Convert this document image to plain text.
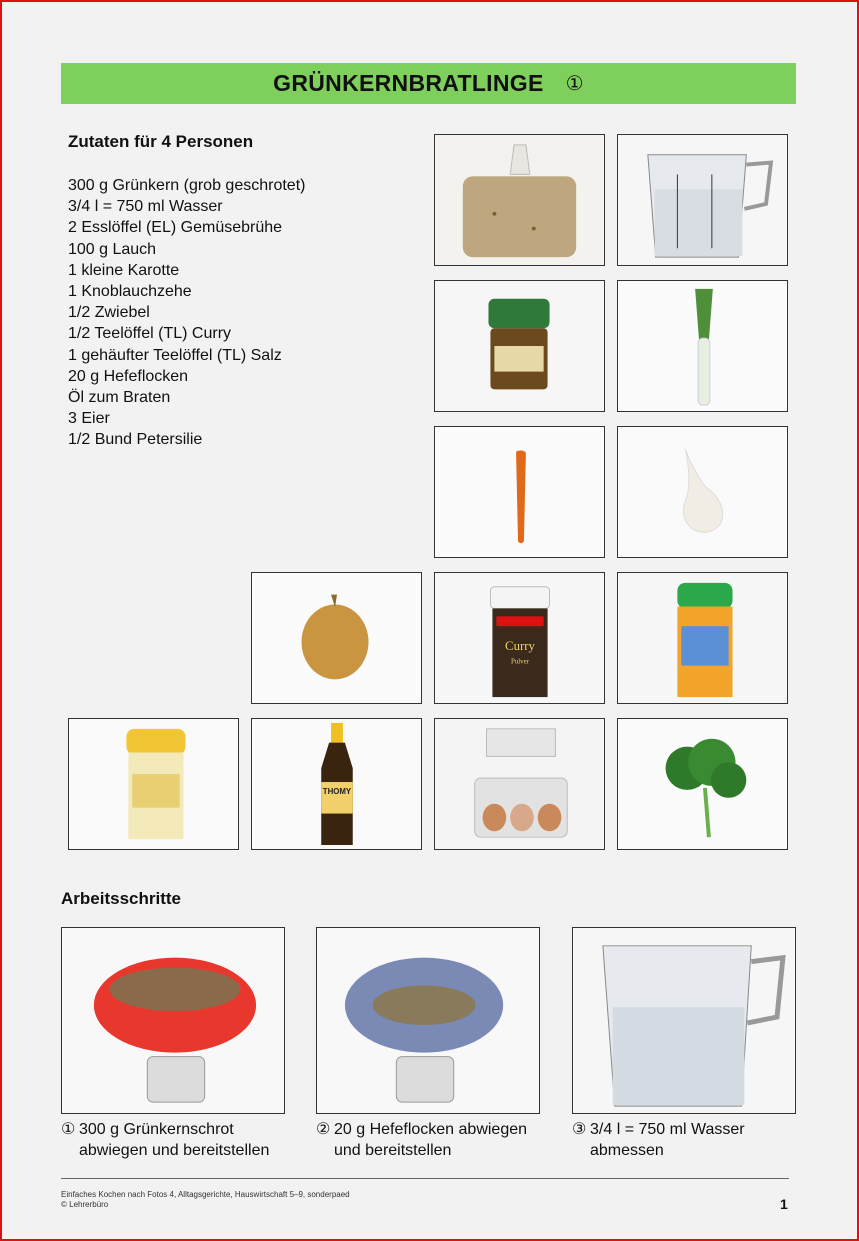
GRÜNKERNBRATLINGE ①
Zutaten für 4 Personen
300 g Grünkern (grob geschrotet)
3/4 l = 750 ml Wasser
2 Esslöffel (EL) Gemüsebrühe
100 g Lauch
1 kleine Karotte
1 Knoblauchzehe
1/2 Zwiebel
1/2 Teelöffel (TL) Curry
1 gehäufter Teelöffel (TL) Salz
20 g Hefeflocken
Öl zum Braten
3 Eier
1/2 Bund Petersilie
Curry
Pulver
THOMY
Arbeitsschritte
① 300 g Grünkernschrot abwiegen und bereitstellen
② 20 g Hefeflocken abwiegen und bereitstellen
③ 3/4 l = 750 ml Wasser abmessen
Einfaches Kochen nach Fotos 4, Alltagsgerichte, Hauswirtschaft 5–9, sonderpaed
© Lehrerbüro	1
